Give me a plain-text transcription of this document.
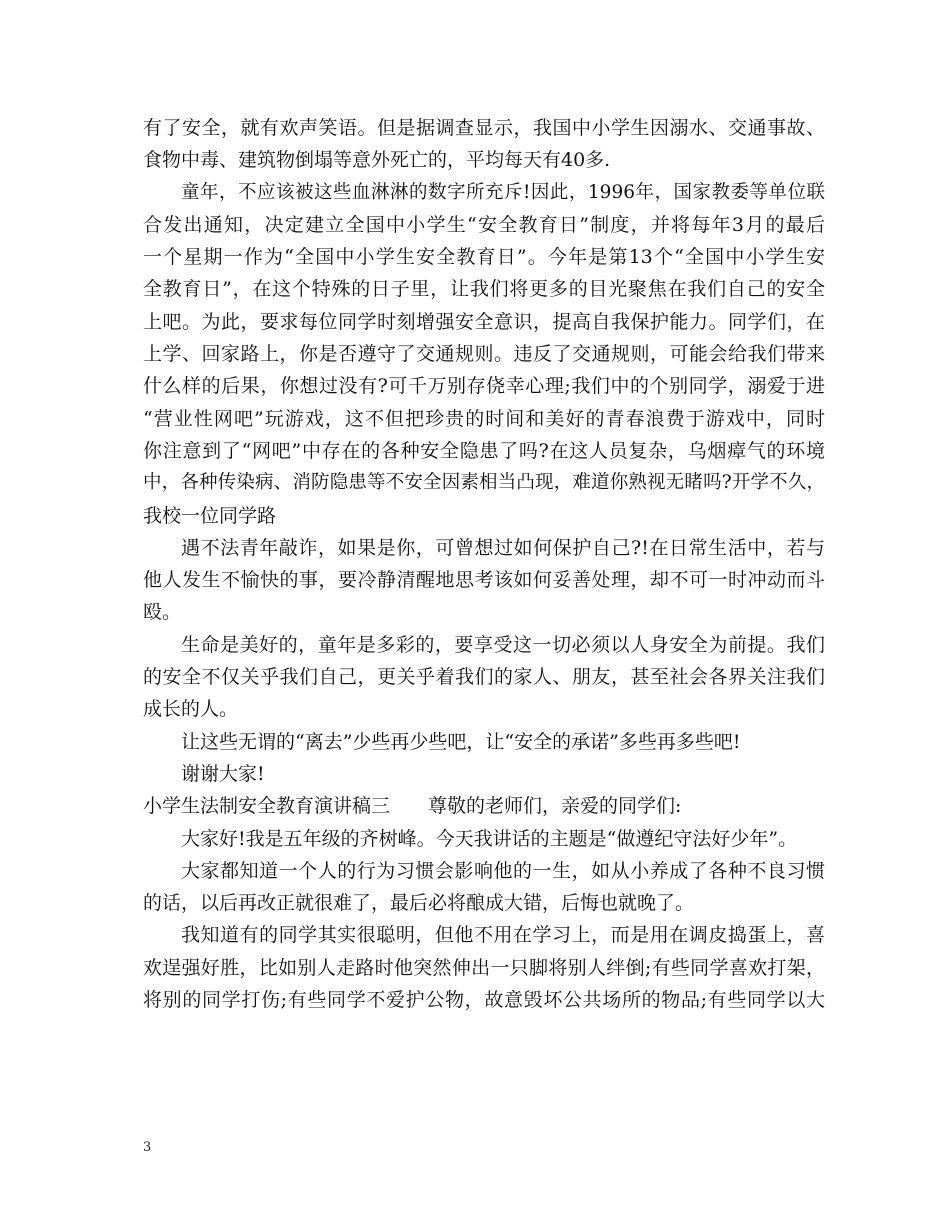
有了安全，就有欢声笑语。但是据调查显示，我国中小学生因溺水、交通事故、
食物中毒、建筑物倒塌等意外死亡的，平均每天有40多.
童年，不应该被这些血淋淋的数字所充斥!因此，1996年，国家教委等单位联
合发出通知，决定建立全国中小学生“安全教育日”制度，并将每年3月的最后
一个星期一作为“全国中小学生安全教育日”。今年是第13个“全国中小学生安
全教育日”，在这个特殊的日子里，让我们将更多的目光聚焦在我们自己的安全
上吧。为此，要求每位同学时刻增强安全意识，提高自我保护能力。同学们，在
上学、回家路上，你是否遵守了交通规则。违反了交通规则，可能会给我们带来
什么样的后果，你想过没有?可千万别存侥幸心理;我们中的个别同学，溺爱于进
“营业性网吧”玩游戏，这不但把珍贵的时间和美好的青春浪费于游戏中，同时
你注意到了“网吧”中存在的各种安全隐患了吗?在这人员复杂，乌烟瘴气的环境
中，各种传染病、消防隐患等不安全因素相当凸现，难道你熟视无睹吗?开学不久，
我校一位同学路
遇不法青年敲诈，如果是你，可曾想过如何保护自己?!在日常生活中，若与
他人发生不愉快的事，要冷静清醒地思考该如何妥善处理，却不可一时冲动而斗
殴。
生命是美好的，童年是多彩的，要享受这一切必须以人身安全为前提。我们
的安全不仅关乎我们自己，更关乎着我们的家人、朋友，甚至社会各界关注我们
成长的人。
让这些无谓的“离去”少些再少些吧，让“安全的承诺”多些再多些吧!
谢谢大家!
小学生法制安全教育演讲稿三　　尊敬的老师们，亲爱的同学们:
大家好!我是五年级的齐树峰。今天我讲话的主题是“做遵纪守法好少年”。
大家都知道一个人的行为习惯会影响他的一生，如从小养成了各种不良习惯
的话，以后再改正就很难了，最后必将酿成大错，后悔也就晚了。
我知道有的同学其实很聪明，但他不用在学习上，而是用在调皮捣蛋上，喜
欢逞强好胜，比如别人走路时他突然伸出一只脚将别人绊倒;有些同学喜欢打架，
将别的同学打伤;有些同学不爱护公物，故意毁坏公共场所的物品;有些同学以大
3
